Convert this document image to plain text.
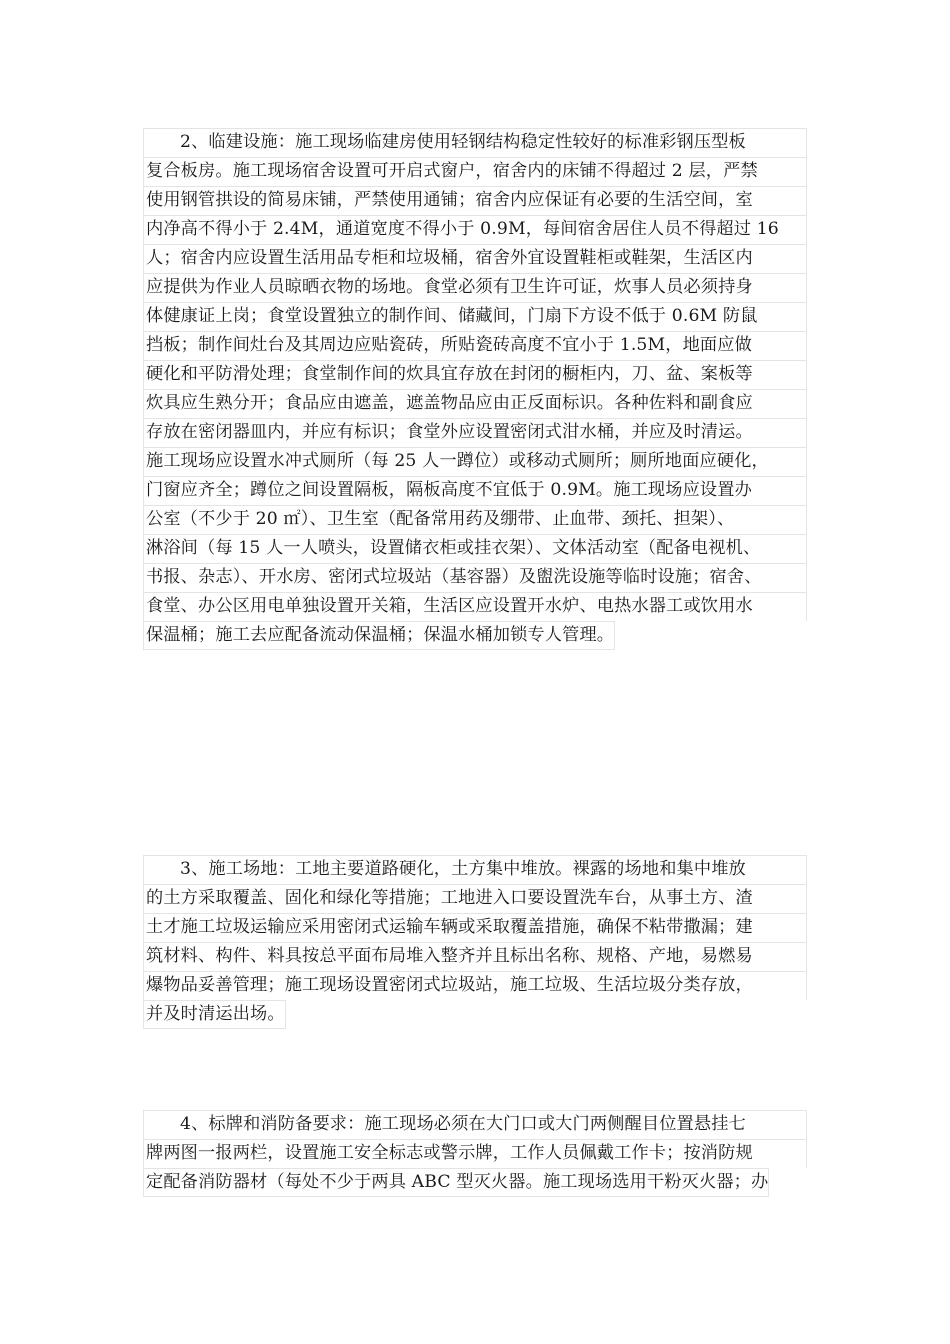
2、临建设施：施工现场临建房使用轻钢结构稳定性较好的标准彩钢压型板
复合板房。施工现场宿舍设置可开启式窗户，宿舍内的床铺不得超过 2 层，严禁
使用钢管拱设的简易床铺，严禁使用通铺；宿舍内应保证有必要的生活空间，室
内净高不得小于 2.4M，通道宽度不得小于 0.9M，每间宿舍居住人员不得超过 16
人；宿舍内应设置生活用品专柜和垃圾桶，宿舍外宜设置鞋柜或鞋架，生活区内
应提供为作业人员晾晒衣物的场地。食堂必须有卫生许可证，炊事人员必须持身
体健康证上岗；食堂设置独立的制作间、储藏间，门扇下方设不低于 0.6M 防鼠
挡板；制作间灶台及其周边应贴瓷砖，所贴瓷砖高度不宜小于 1.5M，地面应做
硬化和平防滑处理；食堂制作间的炊具宜存放在封闭的橱柜内，刀、盆、案板等
炊具应生熟分开；食品应由遮盖，遮盖物品应由正反面标识。各种佐料和副食应
存放在密闭器皿内，并应有标识；食堂外应设置密闭式泔水桶，并应及时清运。
施工现场应设置水冲式厕所（每 25 人一蹲位）或移动式厕所；厕所地面应硬化，
门窗应齐全；蹲位之间设置隔板，隔板高度不宜低于 0.9M。施工现场应设置办
公室（不少于 20 ㎡）、卫生室（配备常用药及绷带、止血带、颈托、担架）、
淋浴间（每 15 人一人喷头，设置储衣柜或挂衣架）、文体活动室（配备电视机、
书报、杂志）、开水房、密闭式垃圾站（基容器）及盥洗设施等临时设施；宿舍、
食堂、办公区用电单独设置开关箱，生活区应设置开水炉、电热水器工或饮用水
保温桶；施工去应配备流动保温桶；保温水桶加锁专人管理。
3、施工场地：工地主要道路硬化，土方集中堆放。裸露的场地和集中堆放
的土方采取覆盖、固化和绿化等措施；工地进入口要设置洗车台，从事土方、渣
土才施工垃圾运输应采用密闭式运输车辆或采取覆盖措施，确保不粘带撒漏；建
筑材料、构件、料具按总平面布局堆入整齐并且标出名称、规格、产地，易燃易
爆物品妥善管理；施工现场设置密闭式垃圾站，施工垃圾、生活垃圾分类存放，
并及时清运出场。
4、标牌和消防备要求：施工现场必须在大门口或大门两侧醒目位置悬挂七
牌两图一报两栏，设置施工安全标志或警示牌，工作人员佩戴工作卡；按消防规
定配备消防器材（每处不少于两具 ABC 型灭火器。施工现场选用干粉灭火器；办
